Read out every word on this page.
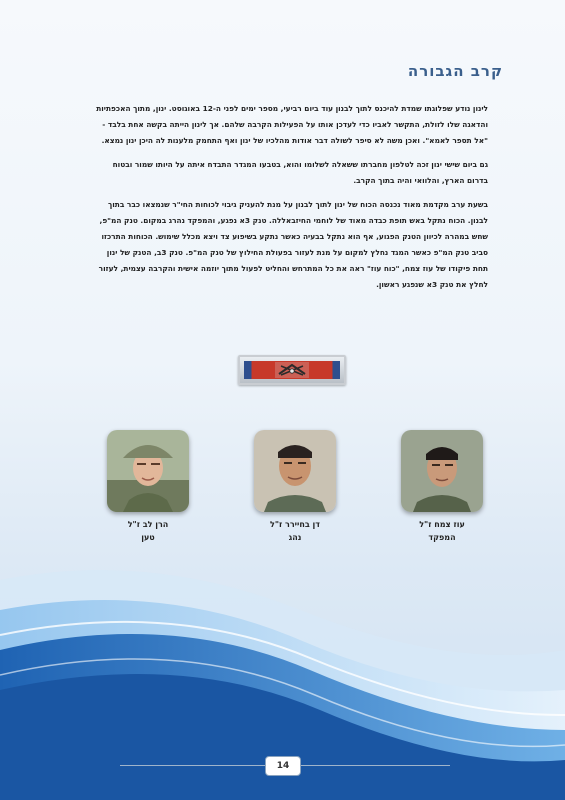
קרב הגבורה

לינון נודע שפלוגתו שמדת להיכנס לתוך לבנון עוד ביום רביעי, מספר ימים לפני ה-12 באוגוסט. ינון, מתוך האכפתיות והדאגה שלו לזולת, התקשר לאביו כדי לעדכן אותו על הפעילות הקרבה שלהם. אך לינון הייתה בקשה אחת בלבד - "אל תספר לאמא". ואכן משה לא סיפר לשולה דבר אודות מהלכיו של ינון ואף התחמק מלענות לה היכן ינון נמצא.

גם ביום שישי ינון זכה לטלפון מחברתו ששאלה לשלומו והוא, בטבעו המגדר התבדח איתה על היותו שמור ובטוח בדרום הארץ, והלוואי והיה בתוך הקרב.

בשעת ערב מקדמת מאוד נכנסה הכוח של ינון לתוך לבנון על מנת להעניק גיבוי לכוחות החי"ר שנמצאו כבר בתוך לבנון. הכוח נתקל באש תופת כבדה מאוד של לוחמי החיזבאללה. טנק 3א נפגע, והמפקד נהרג במקום. טנק המ"פ, שחש במהרה לכיוון הטנק הפגוע, אף הוא נתקל בבעיה כאשר נתקע בשיפוע צד ויצא מכלל שימוש. הכוחות התרכזו סביב טנק המ"פ כאשר המגד נחלץ למקום על מנת לעזור בפעולת החילוץ של טנק המ"פ. טנק 3ב, הטנק של ינון תחת פיקודו של עוז צמח, "כוח עוז" ראה את כל המתרחש והחליט לפעול מתוך יוזמה אישית והקרבה עצמית, לעזור לחלץ את טנק 3א שנפגע ראשון.

הרן לב ז"ל
טען
דן בחיירר ז"ל
נהג
עוז צמח ז"ל
המפקד
14
